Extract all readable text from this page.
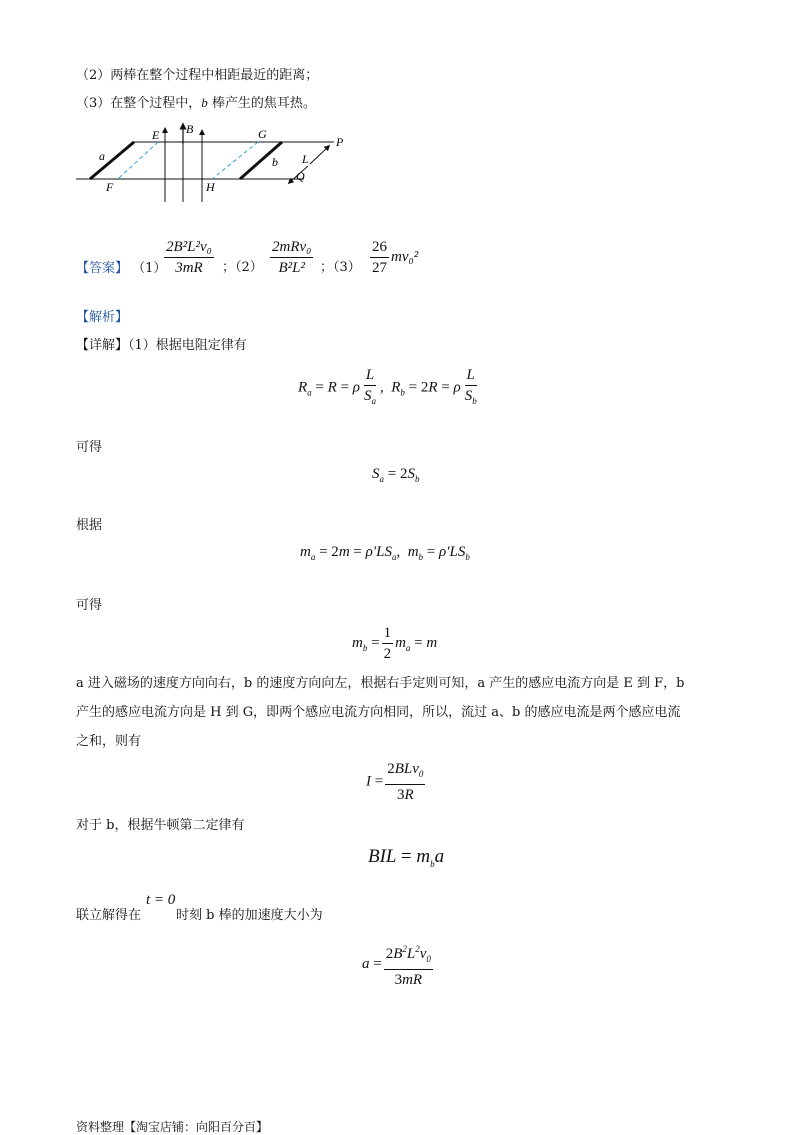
（2）两棒在整个过程中相距最近的距离；
（3）在整个过程中，b 棒产生的焦耳热。
E B	G
P
a	b L
Q
F	H
【答案】 （1）
$\frac{\text{2B²L²v₀}}{3mR}$ ；$(2) \frac{\text{2mRv₀}}{\text{B²L²}}$ ；$(3) \frac{26}{27} mv_0^2$
【解析】
【详解】（1）根据电阻定律有
$R_a = R = \rho \frac{L}{S_a}$ ,  $R_b = 2R = \rho \frac{L}{S_b}$
可得
$S_a = 2S_b$
根据
$m_a = 2m = \rho'LS_a$,  $m_b = \rho'LS_b$
可得
$m_b = \frac{1}{2} m_a = m$
a 进入磁场的速度方向向右，b 的速度方向向左，根据右手定则可知，a 产生的感应电流方向是 E 到 F，b
产生的感应电流方向是 H 到 G，即两个感应电流方向相同，所以，流过 a、b 的感应电流是两个感应电流
之和，则有
$I = \frac{2BLv_0}{3R}$
对于 b，根据牛顿第二定律有
BIL = $m_ba$
联立解得在
t = 0
时刻 b 棒的加速度大小为
$a = \frac{2B^2L^2v_0}{3mR}$
资料整理【淘宝店铺：向阳百分百】
